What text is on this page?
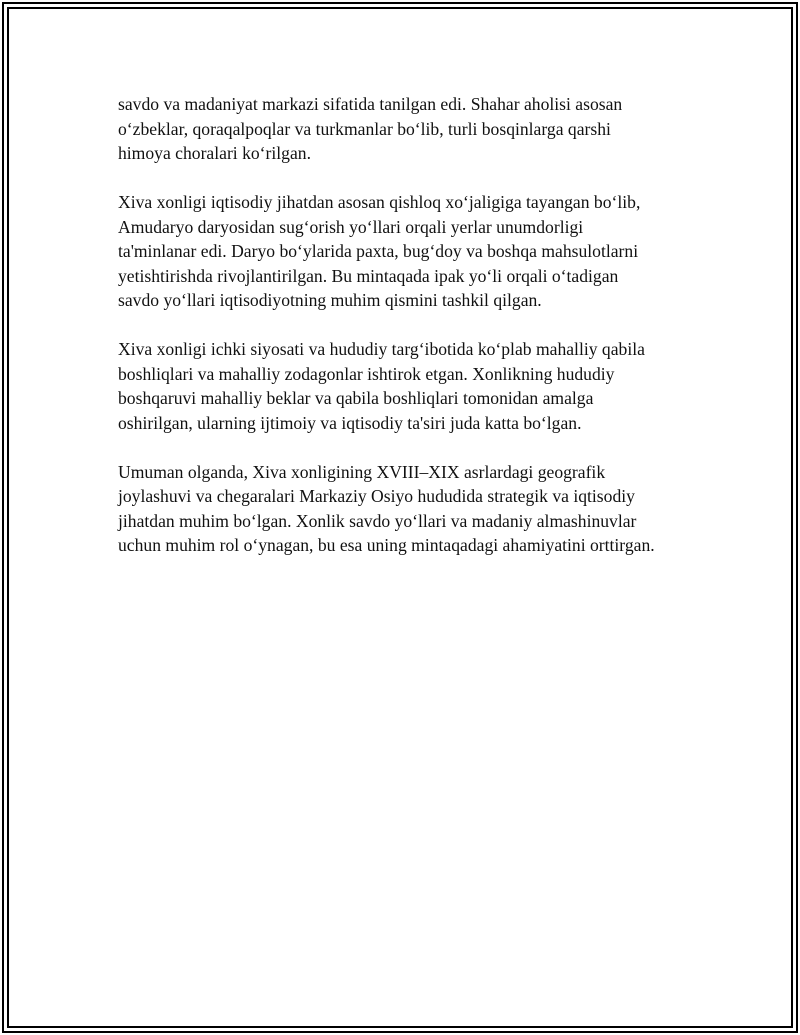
savdo va madaniyat markazi sifatida tanilgan edi. Shahar aholisi asosan
o‘zbeklar, qoraqalpoqlar va turkmanlar bo‘lib, turli bosqinlarga qarshi
himoya choralari ko‘rilgan.

Xiva xonligi iqtisodiy jihatdan asosan qishloq xo‘jaligiga tayangan bo‘lib,
Amudaryo daryosidan sug‘orish yo‘llari orqali yerlar unumdorligi
ta'minlanar edi. Daryo bo‘ylarida paxta, bug‘doy va boshqa mahsulotlarni
yetishtirishda rivojlantirilgan. Bu mintaqada ipak yo‘li orqali o‘tadigan
savdo yo‘llari iqtisodiyotning muhim qismini tashkil qilgan.

Xiva xonligi ichki siyosati va hududiy targ‘ibotida ko‘plab mahalliy qabila
boshliqlari va mahalliy zodagonlar ishtirok etgan. Xonlikning hududiy
boshqaruvi mahalliy beklar va qabila boshliqlari tomonidan amalga
oshirilgan, ularning ijtimoiy va iqtisodiy ta'siri juda katta bo‘lgan.

Umuman olganda, Xiva xonligining XVIII–XIX asrlardagi geografik
joylashuvi va chegaralari Markaziy Osiyo hududida strategik va iqtisodiy
jihatdan muhim bo‘lgan. Xonlik savdo yo‘llari va madaniy almashinuvlar
uchun muhim rol o‘ynagan, bu esa uning mintaqadagi ahamiyatini orttirgan.
